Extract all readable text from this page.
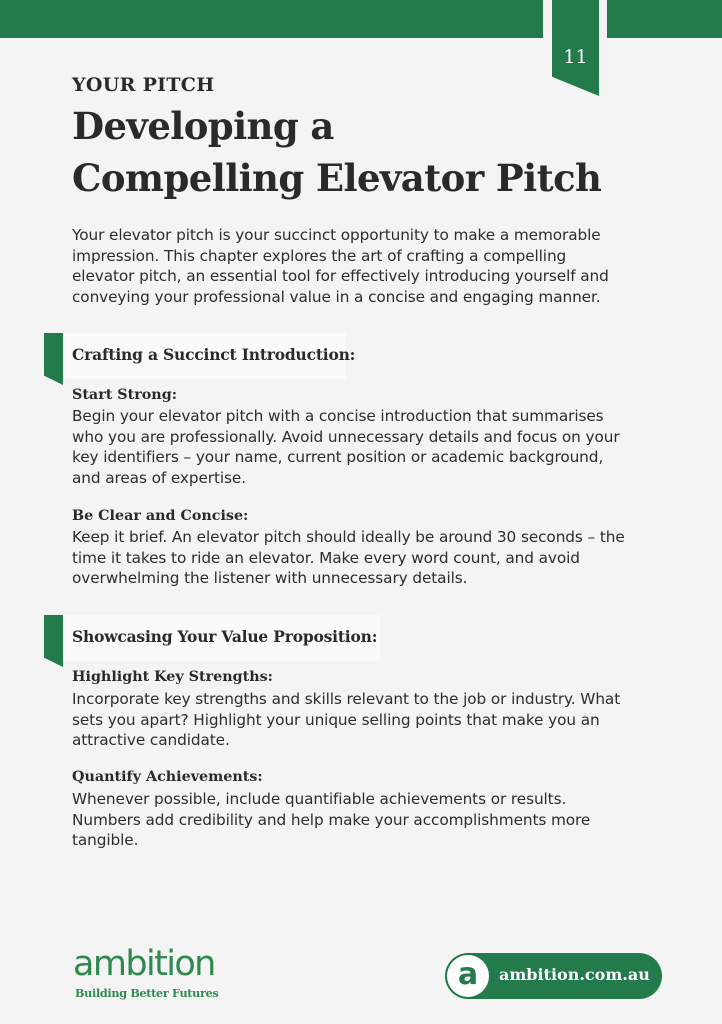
11

YOUR PITCH

Developing a
Compelling Elevator Pitch

Your elevator pitch is your succinct opportunity to make a memorable impression. This chapter explores the art of crafting a compelling elevator pitch, an essential tool for effectively introducing yourself and conveying your professional value in a concise and engaging manner.

Crafting a Succinct Introduction:
Start Strong:

Begin your elevator pitch with a concise introduction that summarises who you are professionally. Avoid unnecessary details and focus on your key identifiers – your name, current position or academic background, and areas of expertise.

Be Clear and Concise:

Keep it brief. An elevator pitch should ideally be around 30 seconds – the time it takes to ride an elevator. Make every word count, and avoid overwhelming the listener with unnecessary details.

Showcasing Your Value Proposition:
Highlight Key Strengths:

Incorporate key strengths and skills relevant to the job or industry. What sets you apart? Highlight your unique selling points that make you an attractive candidate.

Quantify Achievements:

Whenever possible, include quantifiable achievements or results. Numbers add credibility and help make your accomplishments more tangible.

ambition

Building Better Futures

a	ambition.com.au
